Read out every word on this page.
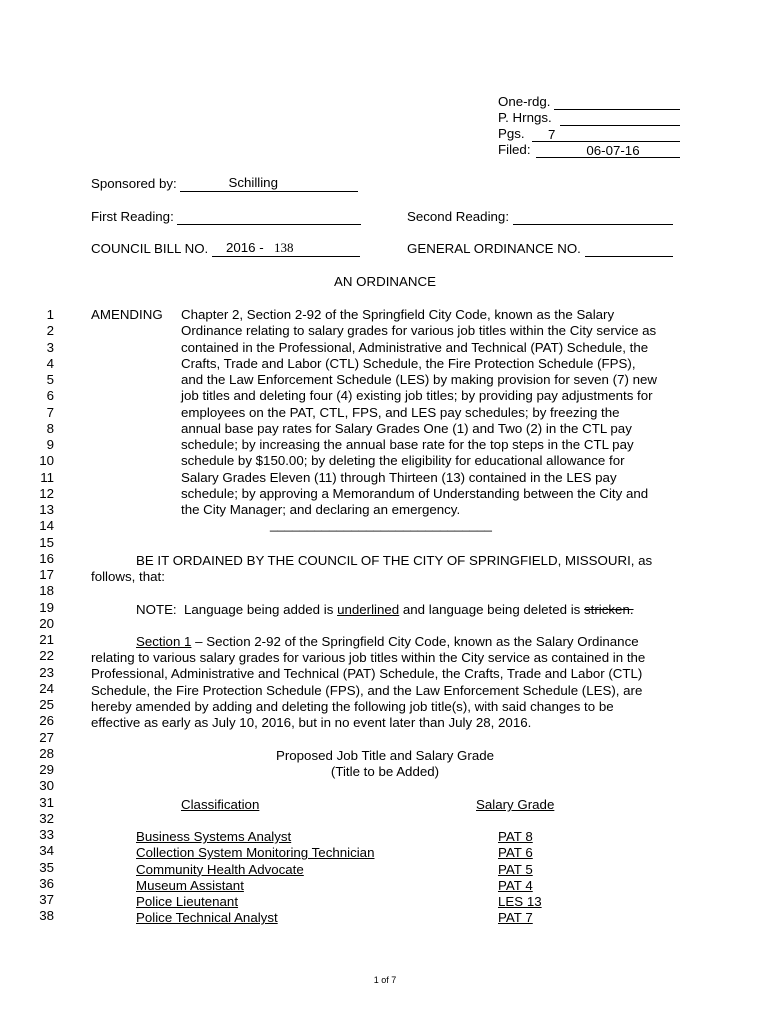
One-rdg.
P. Hrngs.
Pgs.	7
Filed:	06-07-16
Sponsored by:	Schilling
First Reading:	Second Reading:
COUNCIL BILL NO. 2016 - 138	GENERAL ORDINANCE NO.
AN ORDINANCE
1
2
3
4
5
6
7
8
9
10
11
12
13
14
15
16
17
18
19
20
21
22
23
24
25
26
27
28
29
30
31
32
33
34
35
36
37
38
AMENDING Chapter 2, Section 2-92 of the Springfield City Code, known as the Salary
Ordinance relating to salary grades for various job titles within the City service as
contained in the Professional, Administrative and Technical (PAT) Schedule, the
Crafts, Trade and Labor (CTL) Schedule, the Fire Protection Schedule (FPS),
and the Law Enforcement Schedule (LES) by making provision for seven (7) new
job titles and deleting four (4) existing job titles; by providing pay adjustments for
employees on the PAT, CTL, FPS, and LES pay schedules; by freezing the
annual base pay rates for Salary Grades One (1) and Two (2) in the CTL pay
schedule; by increasing the annual base rate for the top steps in the CTL pay
schedule by $150.00; by deleting the eligibility for educational allowance for
Salary Grades Eleven (11) through Thirteen (13) contained in the LES pay
schedule; by approving a Memorandum of Understanding between the City and
the City Manager; and declaring an emergency.
______________________________
BE IT ORDAINED BY THE COUNCIL OF THE CITY OF SPRINGFIELD, MISSOURI, as
follows, that:
NOTE:  Language being added is underlined and language being deleted is stricken.
Section 1 – Section 2-92 of the Springfield City Code, known as the Salary Ordinance
relating to various salary grades for various job titles within the City service as contained in the
Professional, Administrative and Technical (PAT) Schedule, the Crafts, Trade and Labor (CTL)
Schedule, the Fire Protection Schedule (FPS), and the Law Enforcement Schedule (LES), are
hereby amended by adding and deleting the following job title(s), with said changes to be
effective as early as July 10, 2016, but in no event later than July 28, 2016.
Proposed Job Title and Salary Grade
(Title to be Added)
Classification	Salary Grade
Business Systems Analyst	PAT 8
Collection System Monitoring Technician	PAT 6
Community Health Advocate	PAT 5
Museum Assistant	PAT 4
Police Lieutenant	LES 13
Police Technical Analyst	PAT 7
1 of 7
